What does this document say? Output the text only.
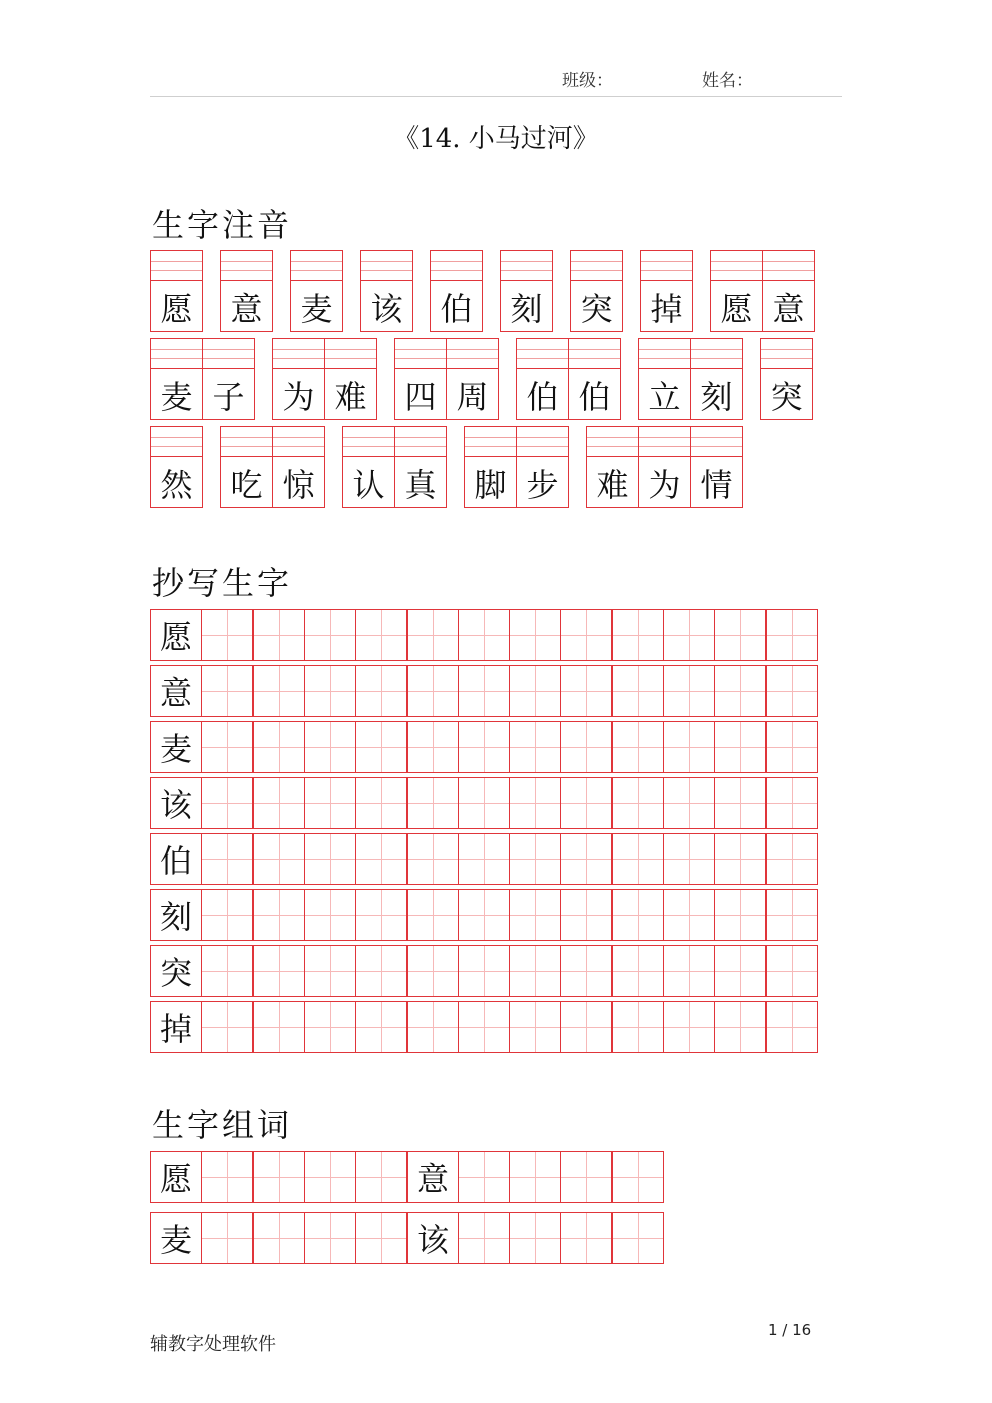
班级：	姓名：
《14. 小马过河》
生字注音
愿 意 麦 该 伯 刻 突 掉 愿 意
麦 子 为 难 四 周 伯 伯 立 刻 突
然 吃 惊 认 真 脚 步 难 为 情
抄写生字
愿
意
麦
该
伯
刻
突
掉
生字组词
愿	意
麦	该
辅教字处理软件
1 / 16
